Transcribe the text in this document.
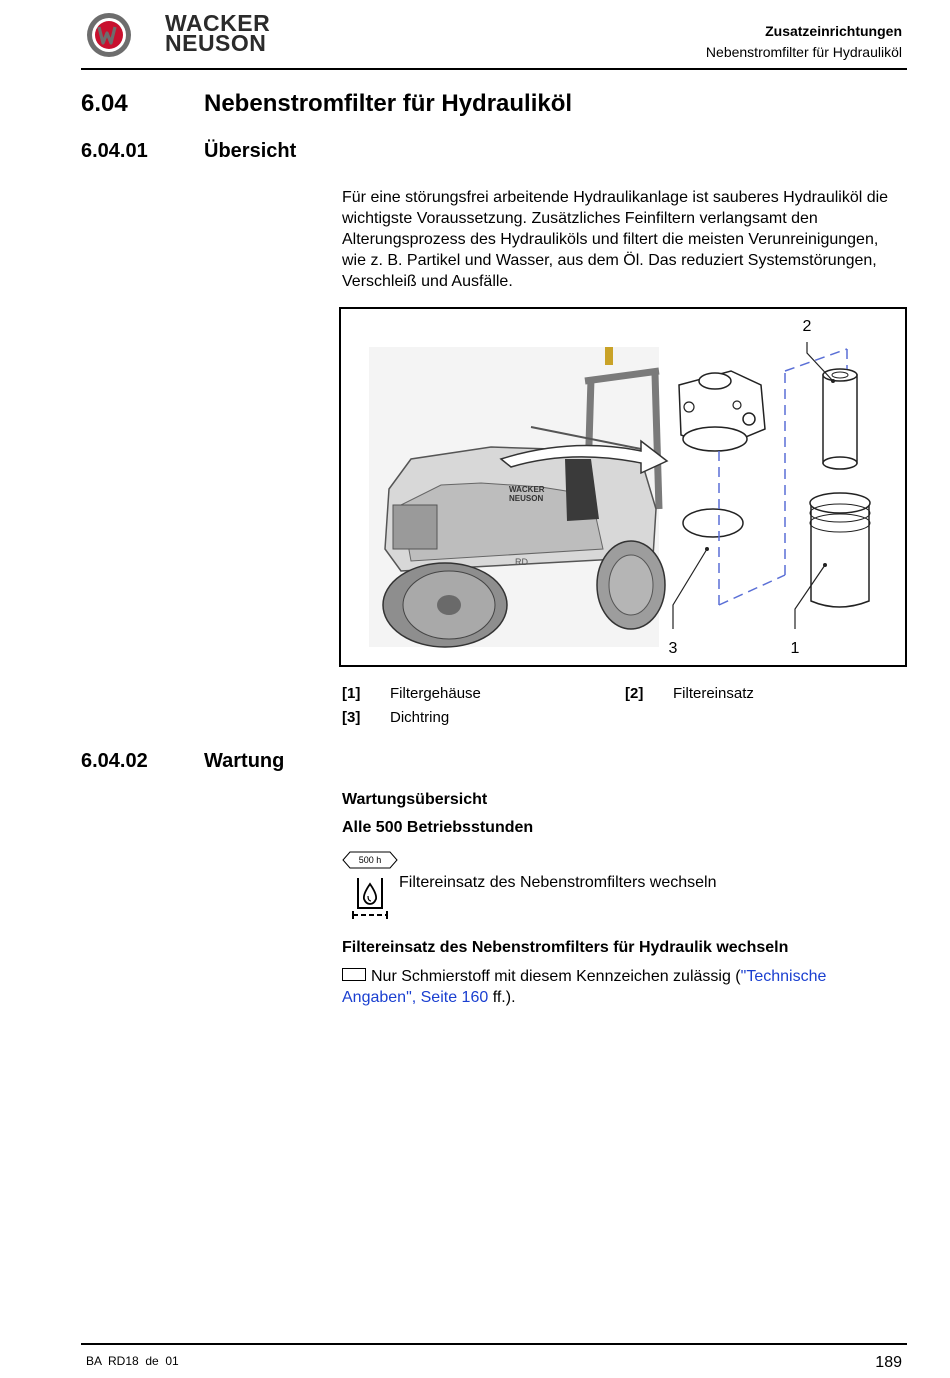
WACKER
NEUSON	Zusatzeinrichtungen
Nebenstromfilter für Hydrauliköl
6.04	Nebenstromfilter für Hydrauliköl
6.04.01	Übersicht
Für eine störungsfrei arbeitende Hydraulikanlage ist sauberes Hydrauliköl die wichtigste Voraussetzung. Zusätzliches Feinfiltern verlangsamt den Alterungsprozess des Hydrauliköls und filtert die meisten Verunreinigungen, wie z. B. Partikel und Wasser, aus dem Öl. Das reduziert Systemstörungen, Verschleiß und Ausfälle.
WACKER
NEUSON
RD
2
3	1
[1] Filtergehäuse	[2] Filtereinsatz
[3] Dichtring
6.04.02	Wartung
Wartungsübersicht
Alle 500 Betriebsstunden
500 h
Filtereinsatz des Nebenstromfilters wechseln
Filtereinsatz des Nebenstromfilters für Hydraulik wechseln
Nur Schmierstoff mit diesem Kennzeichen zulässig ("Technische Angaben", Seite 160 ff.).
BA  RD18  de  01	189
